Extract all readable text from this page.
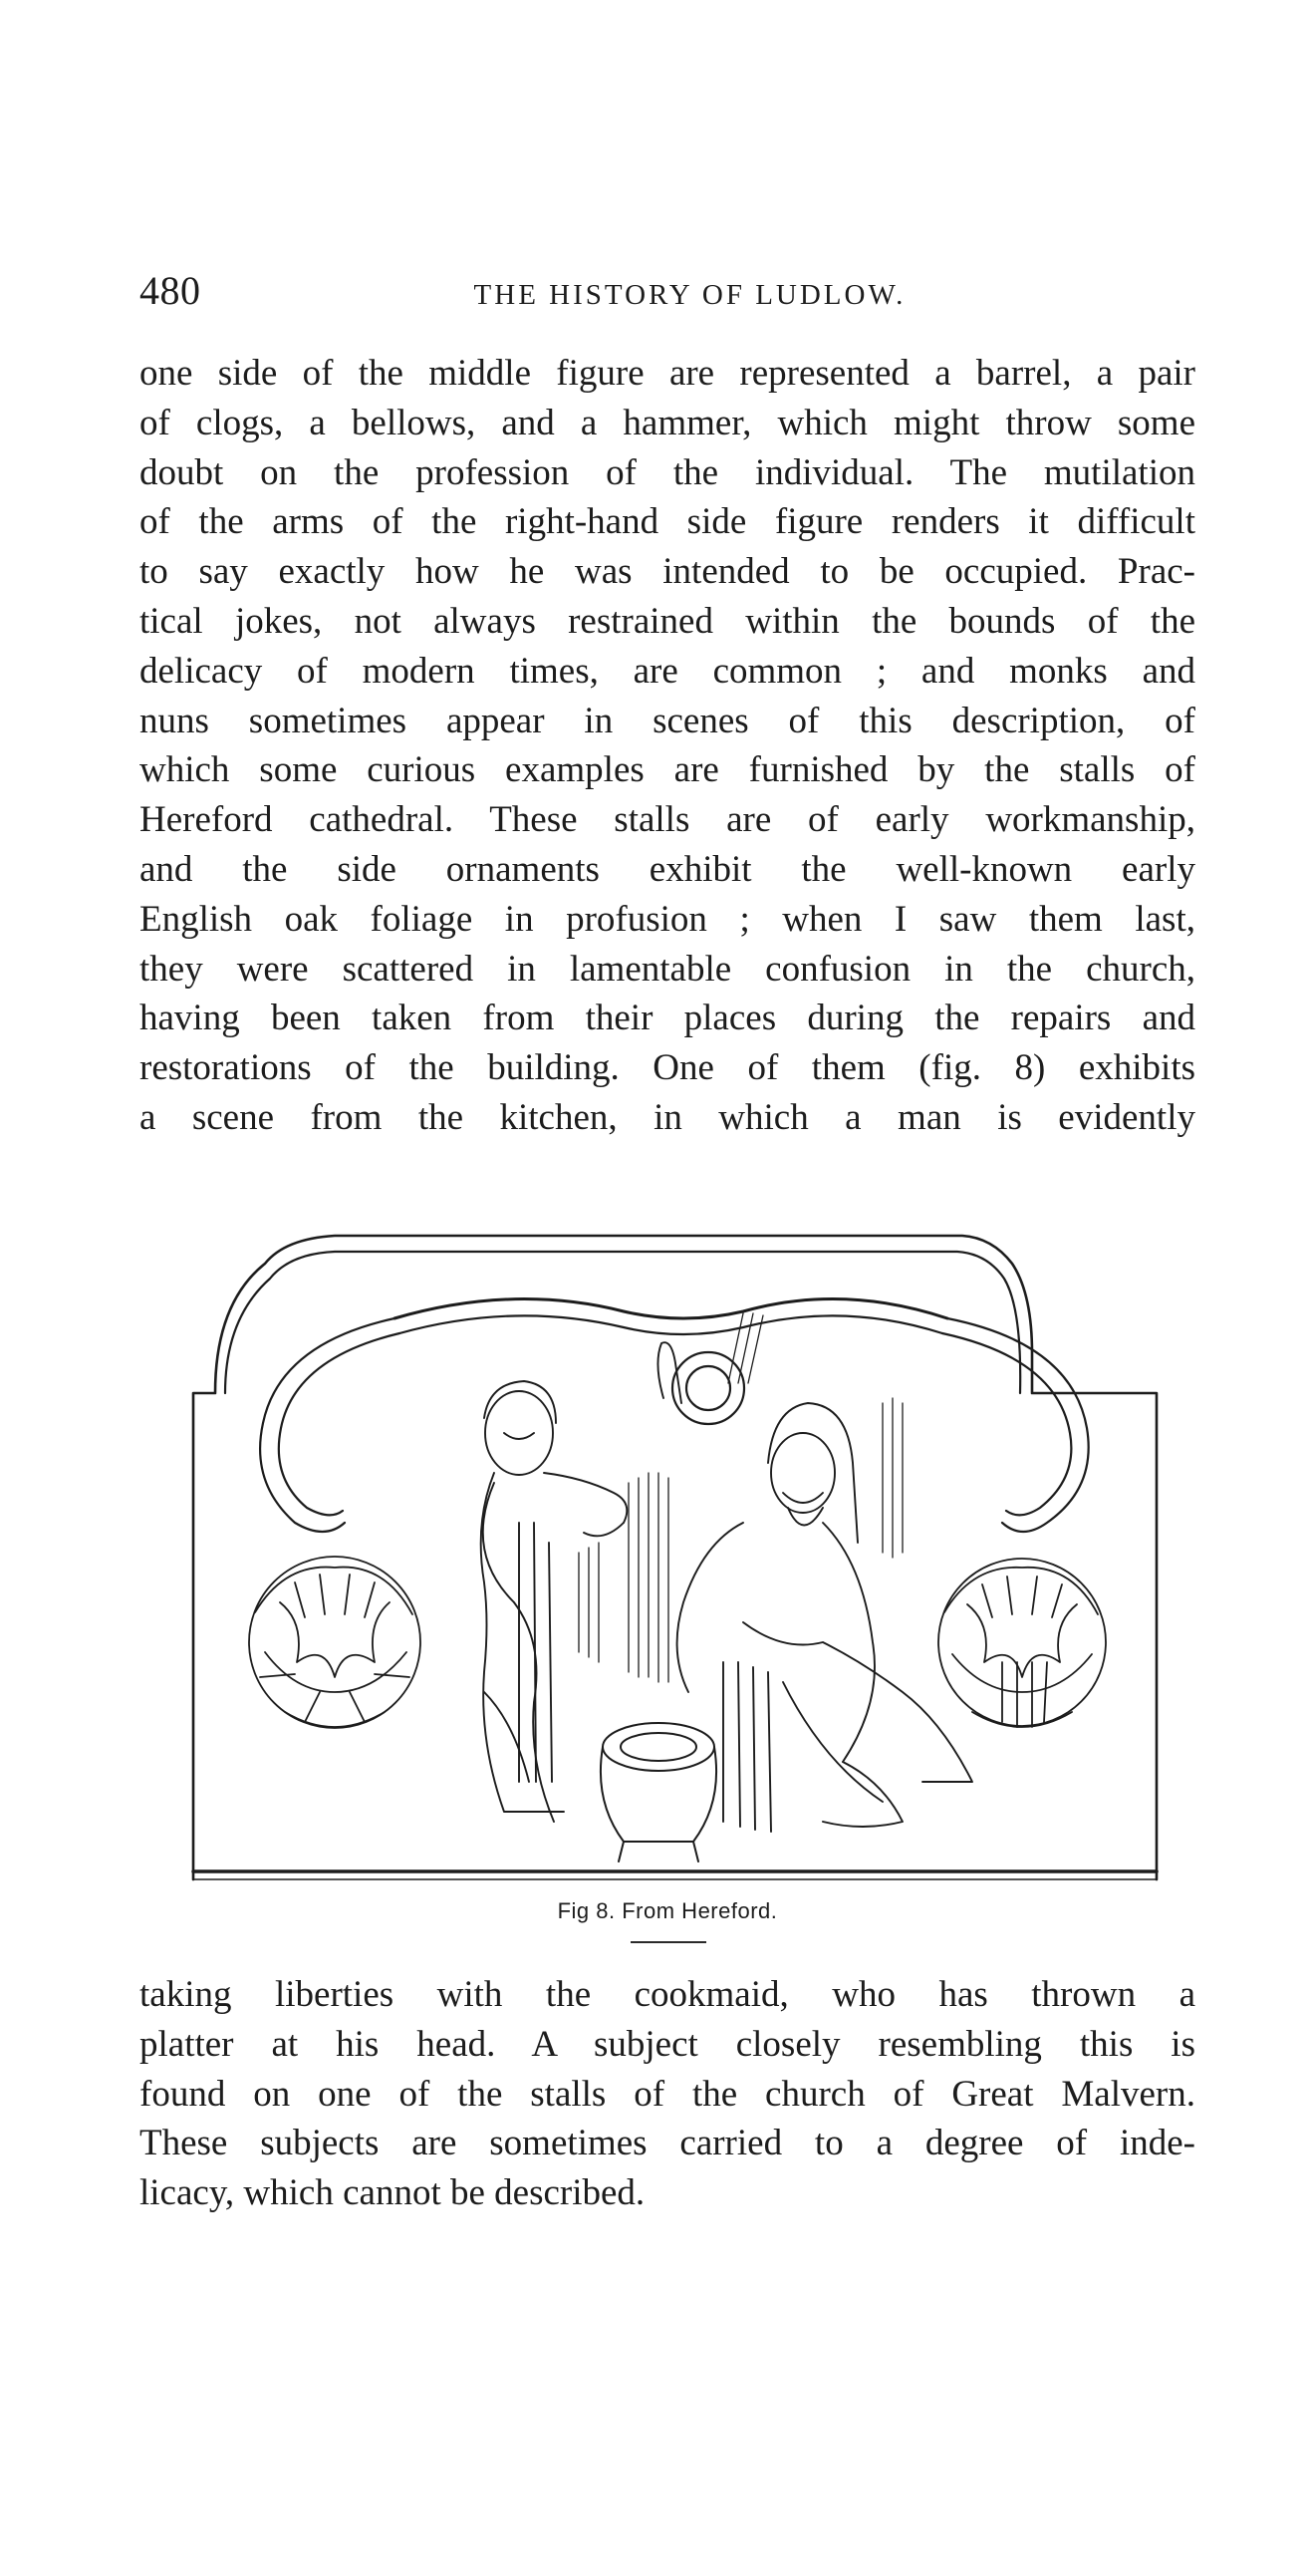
480	THE HISTORY OF LUDLOW.
one side of the middle figure are represented a barrel, a pair
of clogs, a bellows, and a hammer, which might throw some
doubt on the profession of the individual. The mutilation
of the arms of the right-hand side figure renders it difficult
to say exactly how he was intended to be occupied. Prac-
tical jokes, not always restrained within the bounds of the
delicacy of modern times, are common ; and monks and
nuns sometimes appear in scenes of this description, of
which some curious examples are furnished by the stalls of
Hereford cathedral. These stalls are of early workmanship,
and the side ornaments exhibit the well-known early
English oak foliage in profusion ; when I saw them last,
they were scattered in lamentable confusion in the church,
having been taken from their places during the repairs and
restorations of the building. One of them (fig. 8) exhibits
a scene from the kitchen, in which a man is evidently
Fig 8. From Hereford.
taking liberties with the cookmaid, who has thrown a
platter at his head. A subject closely resembling this is
found on one of the stalls of the church of Great Malvern.
These subjects are sometimes carried to a degree of inde-
licacy, which cannot be described.
